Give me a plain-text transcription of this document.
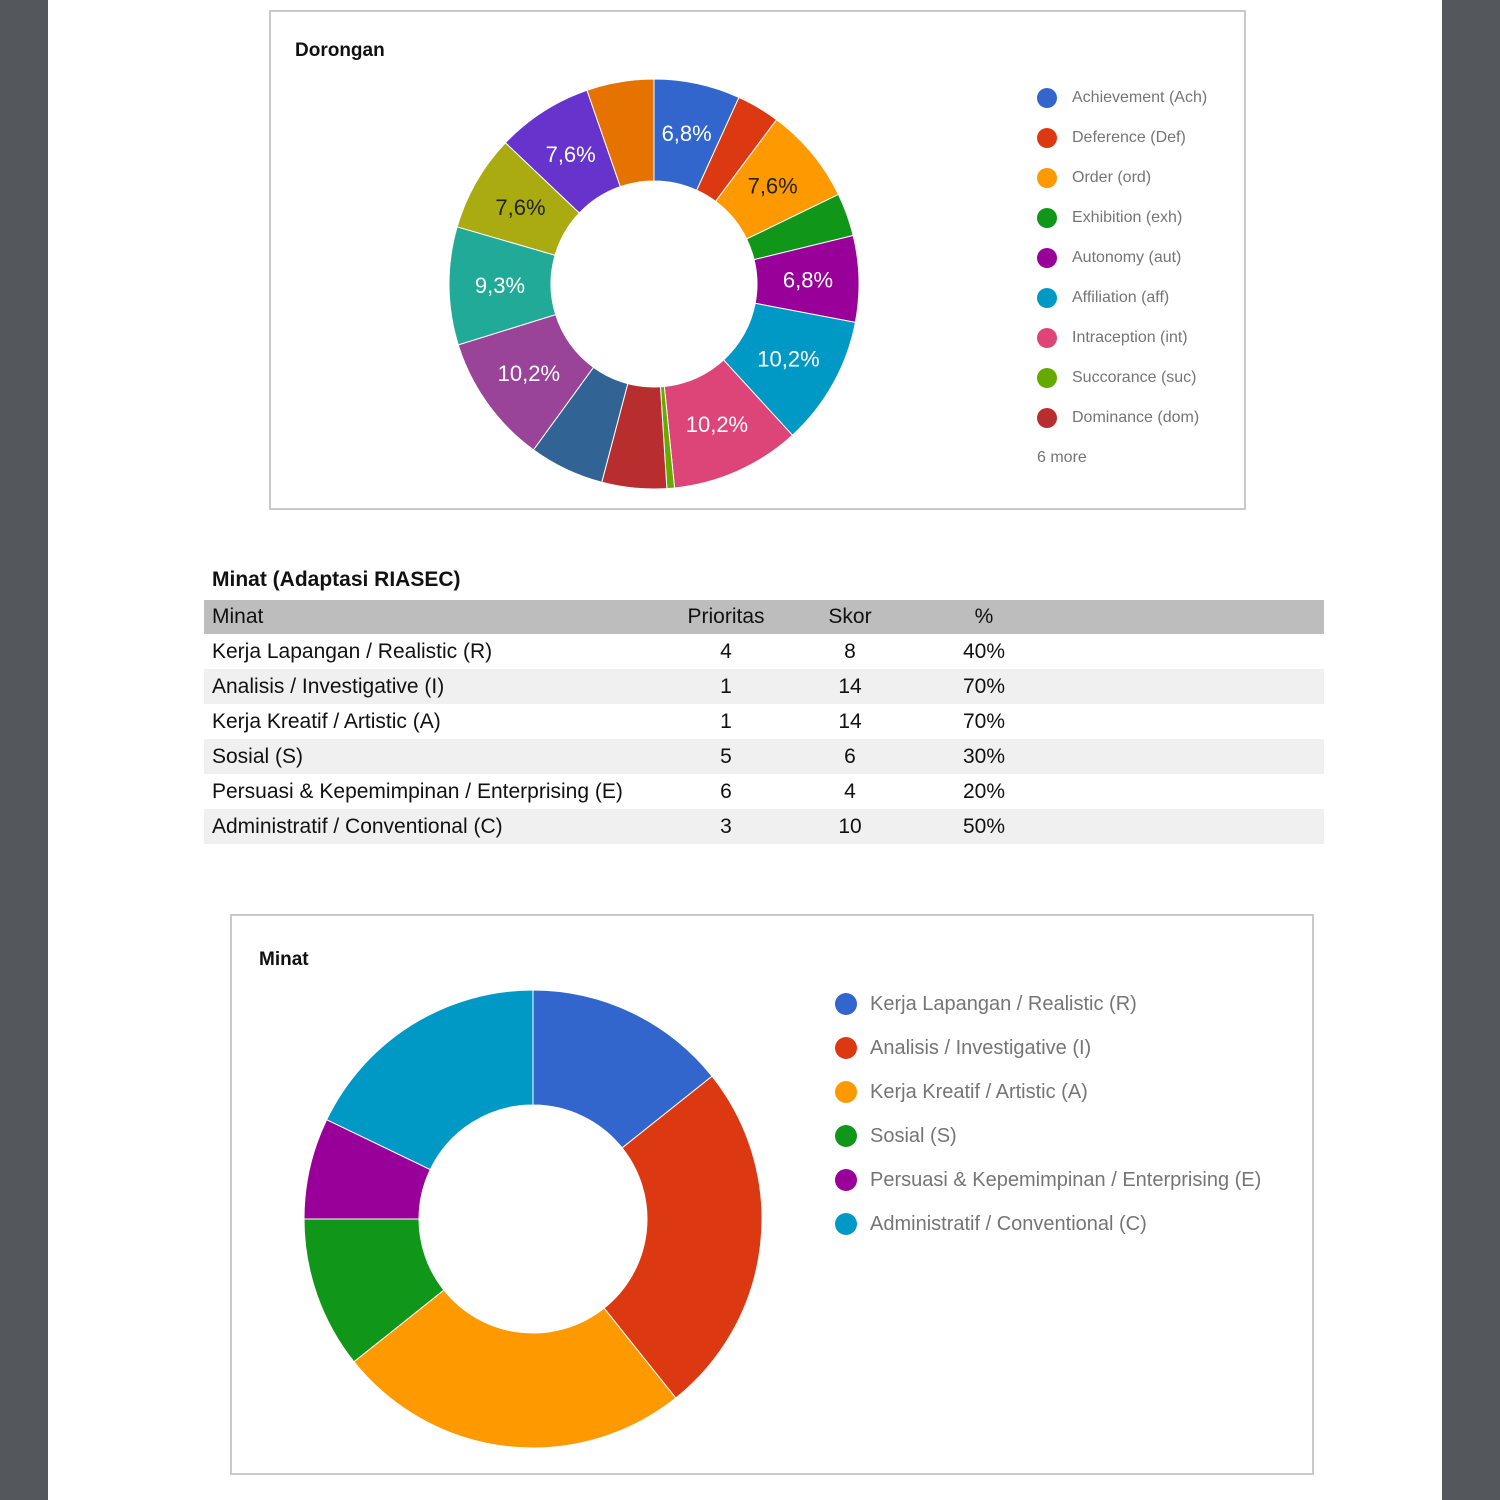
Dorongan
6,8%
7,6%
6,8%
10,2%
10,2%
10,2%
9,3%
7,6%
7,6%
Achievement (Ach)
Deference (Def)
Order (ord)
Exhibition (exh)
Autonomy (aut)
Affiliation (aff)
Intraception (int)
Succorance (suc)
Dominance (dom)
6 more
Minat (Adaptasi RIASEC)
Minat	Prioritas	Skor	%	
Kerja Lapangan / Realistic (R)	4	8	40%	
Analisis / Investigative (I)	1	14	70%	
Kerja Kreatif / Artistic (A)	1	14	70%	
Sosial (S)	5	6	30%	
Persuasi & Kepemimpinan / Enterprising (E)	6	4	20%	
Administratif / Conventional (C)	3	10	50%	
Minat
Kerja Lapangan / Realistic (R)
Analisis / Investigative (I)
Kerja Kreatif / Artistic (A)
Sosial (S)
Persuasi & Kepemimpinan / Enterprising (E)
Administratif / Conventional (C)
